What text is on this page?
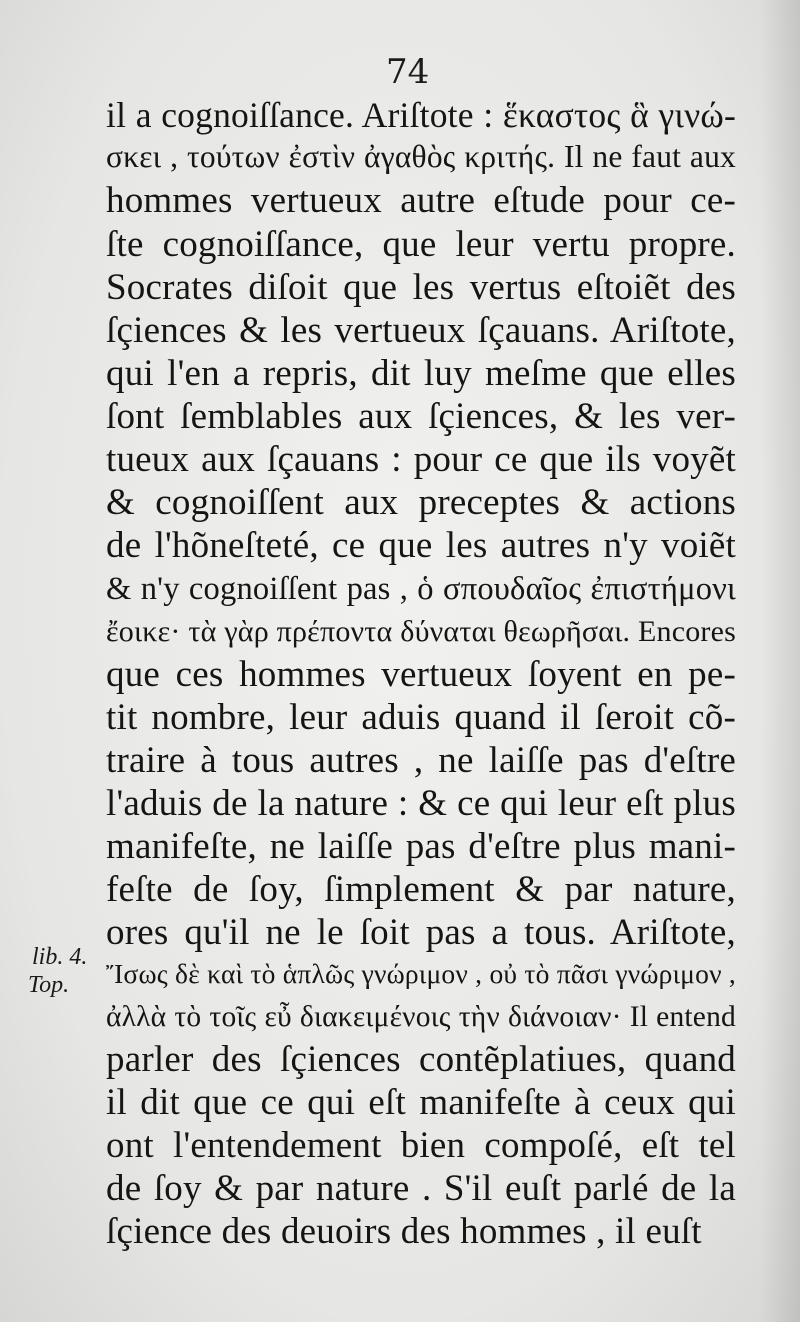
74
il a cognoiſſance. Ariſtote : ἕκαστος ἃ γινώ-
σκει , τούτων ἐστὶν ἀγαθὸς κριτής. Il ne faut aux
hommes vertueux autre eſtude pour ce-
ſte cognoiſſance, que leur vertu propre.
Socrates diſoit que les vertus eſtoiẽt des
ſçiences & les vertueux ſçauans. Ariſtote,
qui l'en a repris, dit luy meſme que elles
ſont ſemblables aux ſçiences, & les ver-
tueux aux ſçauans : pour ce que ils voyẽt
& cognoiſſent aux preceptes & actions
de l'hõneſteté, ce que les autres n'y voiẽt
& n'y cognoiſſent pas , ὁ σπουδαῖος ἐπιστήμονι
ἔοικε· τὰ γὰρ πρέποντα δύναται θεωρῆσαι. Encores
que ces hommes vertueux ſoyent en pe-
tit nombre, leur aduis quand il ſeroit cõ-
traire à tous autres , ne laiſſe pas d'eſtre
l'aduis de la nature : & ce qui leur eſt plus
manifeſte, ne laiſſe pas d'eſtre plus mani-
feſte de ſoy, ſimplement & par nature,
ores qu'il ne le ſoit pas a tous. Ariſtote,
Ἴσως δὲ καὶ τὸ ἁπλῶς γνώριμον , οὐ τὸ πᾶσι γνώριμον ,
ἀλλὰ τὸ τοῖς εὖ διακειμένοις τὴν διάνοιαν· Il entend
parler des ſçiences contẽplatiues, quand
il dit que ce qui eſt manifeſte à ceux qui
ont l'entendement bien compoſé, eſt tel
de ſoy & par nature . S'il euſt parlé de la
ſçience des deuoirs des hommes , il euſt
lib. 4.
Top.
